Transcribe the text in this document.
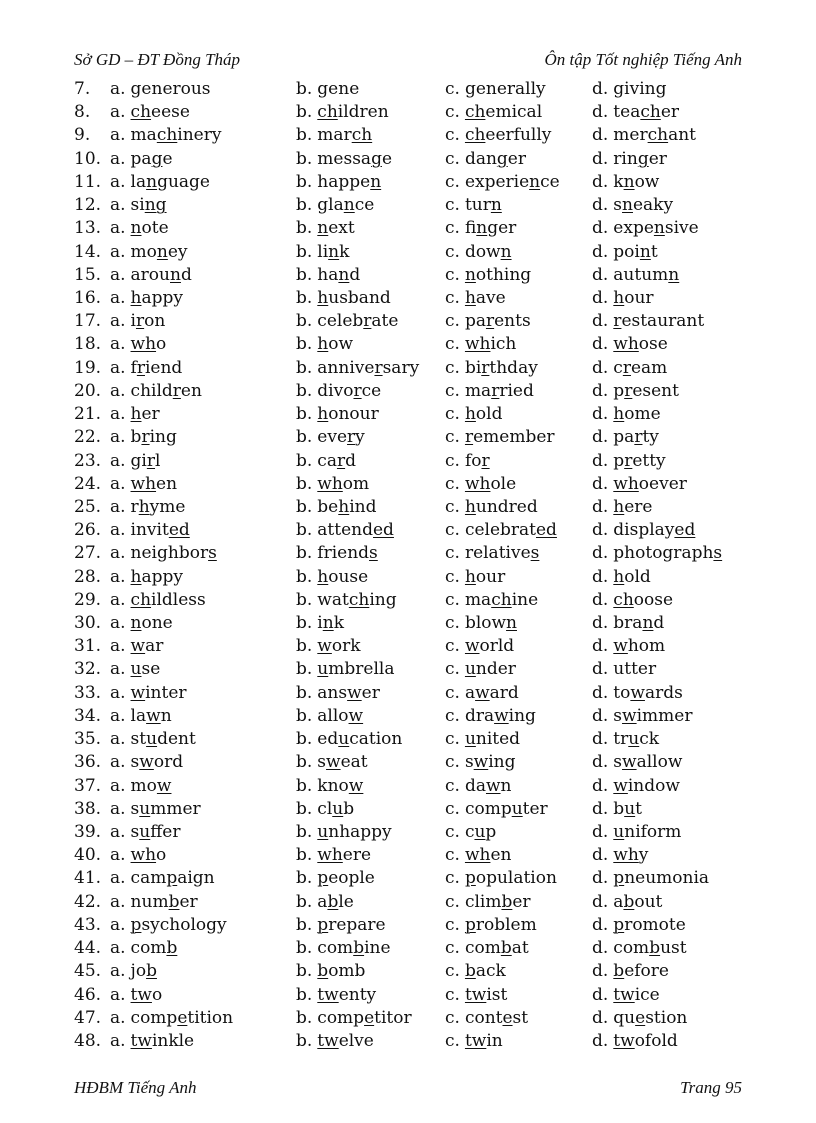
Sở GD – ĐT Đồng Tháp	Ôn tập Tốt nghiệp Tiếng Anh
7. a. generous	b. gene	c. generally	d. giving
8. a. cheese	b. children	c. chemical	d. teacher
9. a. machinery	b. march	c. cheerfully d. merchant
10. a. page	b. message	c. danger	d. ringer
11. a. language	b. happen	c. experience d. know
12. a. sing	b. glance	c. turn	d. sneaky
13. a. note	b. next	c. finger	d. expensive
14. a. money	b. link	c. down	d. point
15. a. around	b. hand	c. nothing	d. autumn
16. a. happy	b. husband	c. have	d. hour
17. a. iron	b. celebrate	c. parents	d. restaurant
18. a. who	b. how	c. which	d. whose
19. a. friend	b. anniversary c. birthday	d. cream
20. a. children	b. divorce	c. married	d. present
21. a. her	b. honour	c. hold	d. home
22. a. bring	b. every	c. remember d. party
23. a. girl	b. card	c. for	d. pretty
24. a. when	b. whom	c. whole	d. whoever
25. a. rhyme	b. behind	c. hundred	d. here
26. a. invited	b. attended	c. celebrated d. displayed
27. a. neighbors	b. friends	c. relatives	d. photographs
28. a. happy	b. house	c. hour	d. hold
29. a. childless	b. watching	c. machine	d. choose
30. a. none	b. ink	c. blown	d. brand
31. a. war	b. work	c. world	d. whom
32. a. use	b. umbrella	c. under	d. utter
33. a. winter	b. answer	c. award	d. towards
34. a. lawn	b. allow	c. drawing	d. swimmer
35. a. student	b. education	c. united	d. truck
36. a. sword	b. sweat	c. swing	d. swallow
37. a. mow	b. know	c. dawn	d. window
38. a. summer	b. club	c. computer	d. but
39. a. suffer	b. unhappy	c. cup	d. uniform
40. a. who	b. where	c. when	d. why
41. a. campaign	b. people	c. population d. pneumonia
42. a. number	b. able	c. climber	d. about
43. a. psychology	b. prepare	c. problem	d. promote
44. a. comb	b. combine	c. combat	d. combust
45. a. job	b. bomb	c. back	d. before
46. a. two	b. twenty	c. twist	d. twice
47. a. competition	b. competitor c. contest	d. question
48. a. twinkle	b. twelve	c. twin	d. twofold
HĐBM Tiếng Anh	Trang 95
